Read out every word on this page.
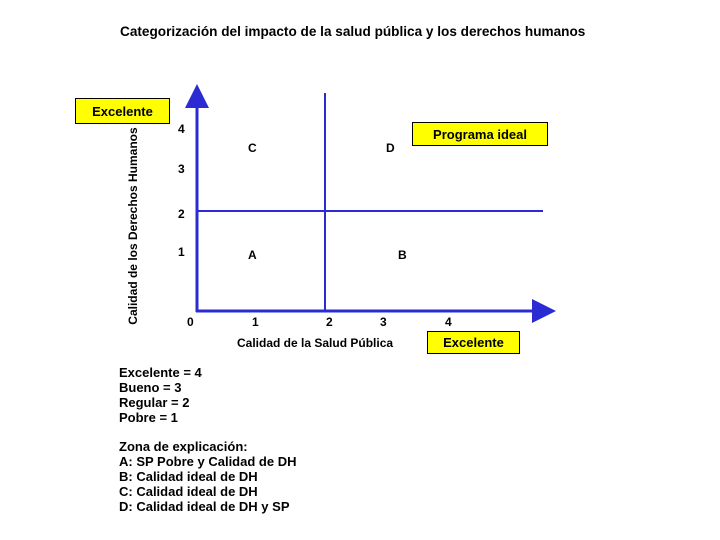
Categorización del impacto de la salud pública y los derechos humanos
Excelente
Calidad de los Derechos Humanos	4
3
2
1
0	1	2	3	4
C	D
A	B
Programa ideal
Calidad de la Salud Pública	Excelente
Excelente = 4
Bueno = 3
Regular = 2
Pobre = 1
Zona de explicación:
A: SP Pobre y Calidad de DH
B: Calidad ideal de DH
C: Calidad ideal de DH
D: Calidad ideal de DH y SP
